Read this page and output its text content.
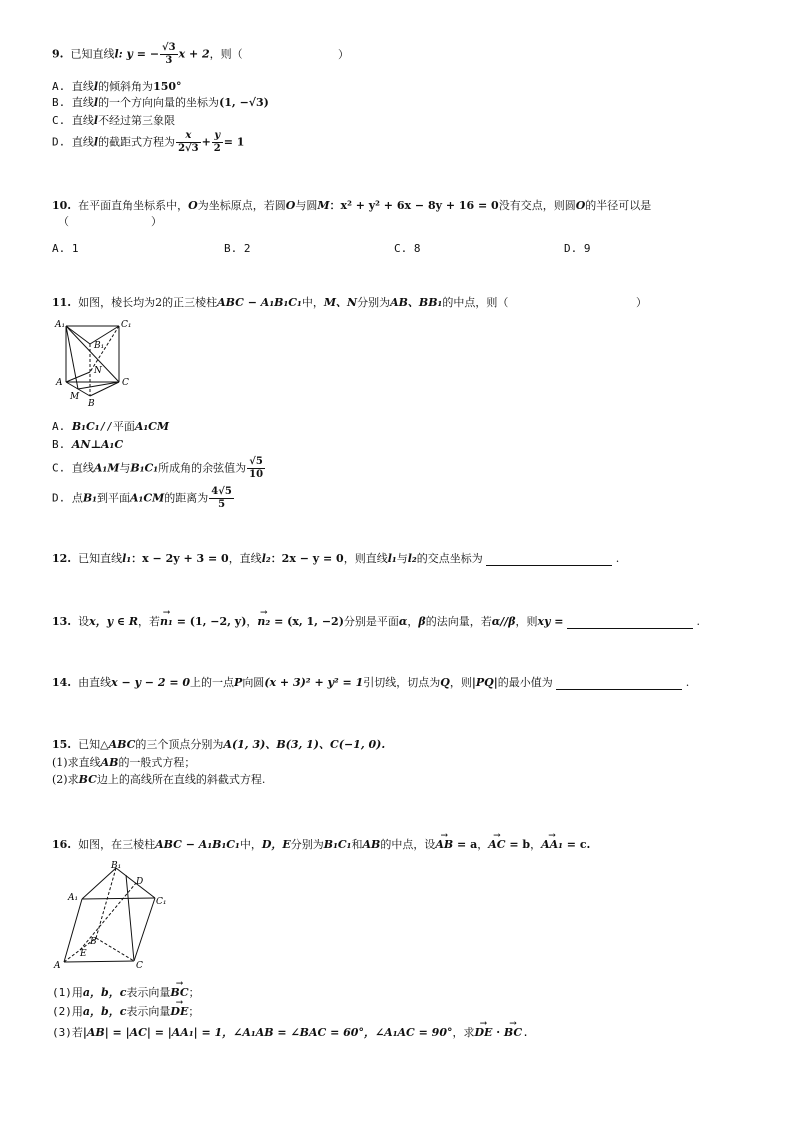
9. 已知直线l: y = − $\frac{√3}{3}$ x + 2，则（	）
A. 直线l的倾斜角为150°
B. 直线l的一个方向向量的坐标为(1, −√3)
C. 直线l不经过第三象限
D. 直线l的截距式方程为 $\frac{x}{2√3} + \frac{y}{2} = 1$
10. 在平面直角坐标系中，O为坐标原点，若圆O与圆M：x² + y² + 6x − 8y + 16 = 0没有交点，则圆O的半径可以是
（	）
A. 1	B. 2	C. 8	D. 9
11. 如图，棱长均为2的正三棱柱ABC − A₁B₁C₁中，M、N分别为AB、BB₁的中点，则（	）
A₁	C₁
B₁
N
A	C
M
B
A. B₁C₁//平面A₁CM
B. AN⊥A₁C
C. 直线A₁M与B₁C₁所成角的余弦值为 $\frac{√5}{10}$
D. 点B₁到平面A₁CM的距离为 $\frac{4√5}{5}$
12. 已知直线l₁：x − 2y + 3 = 0，直线l₂：2x − y = 0，则直线l₁与l₂的交点坐标为	.
13. 设x，y ∈ R，若→ n₁ = (1, −2, y)，→ n₂ = (x, 1, −2)分别是平面α，β的法向量，若α//β，则xy =	.
14. 由直线x − y − 2 = 0上的一点P向圆(x + 3)² + y² = 1引切线，切点为Q，则|PQ|的最小值为	.
15. 已知△ABC的三个顶点分别为A(1, 3)、B(3, 1)、C(−1, 0).
(1)求直线AB的一般式方程；
(2)求BC边上的高线所在直线的斜截式方程.
16. 如图，在三棱柱ABC − A₁B₁C₁中，D，E分别为B₁C₁和AB的中点，设→ AB = a，→ AC = b，→ AA₁ = c.
B₁
D
A₁	C₁
B
E
A	C
(1)用a，b，c表示向量→ BC；
(2)用a，b，c表示向量→ DE；
(3)若|AB| = |AC| = |AA₁| = 1，∠A₁AB = ∠BAC = 60°，∠A₁AC = 90°，求→ DE · → BC.
